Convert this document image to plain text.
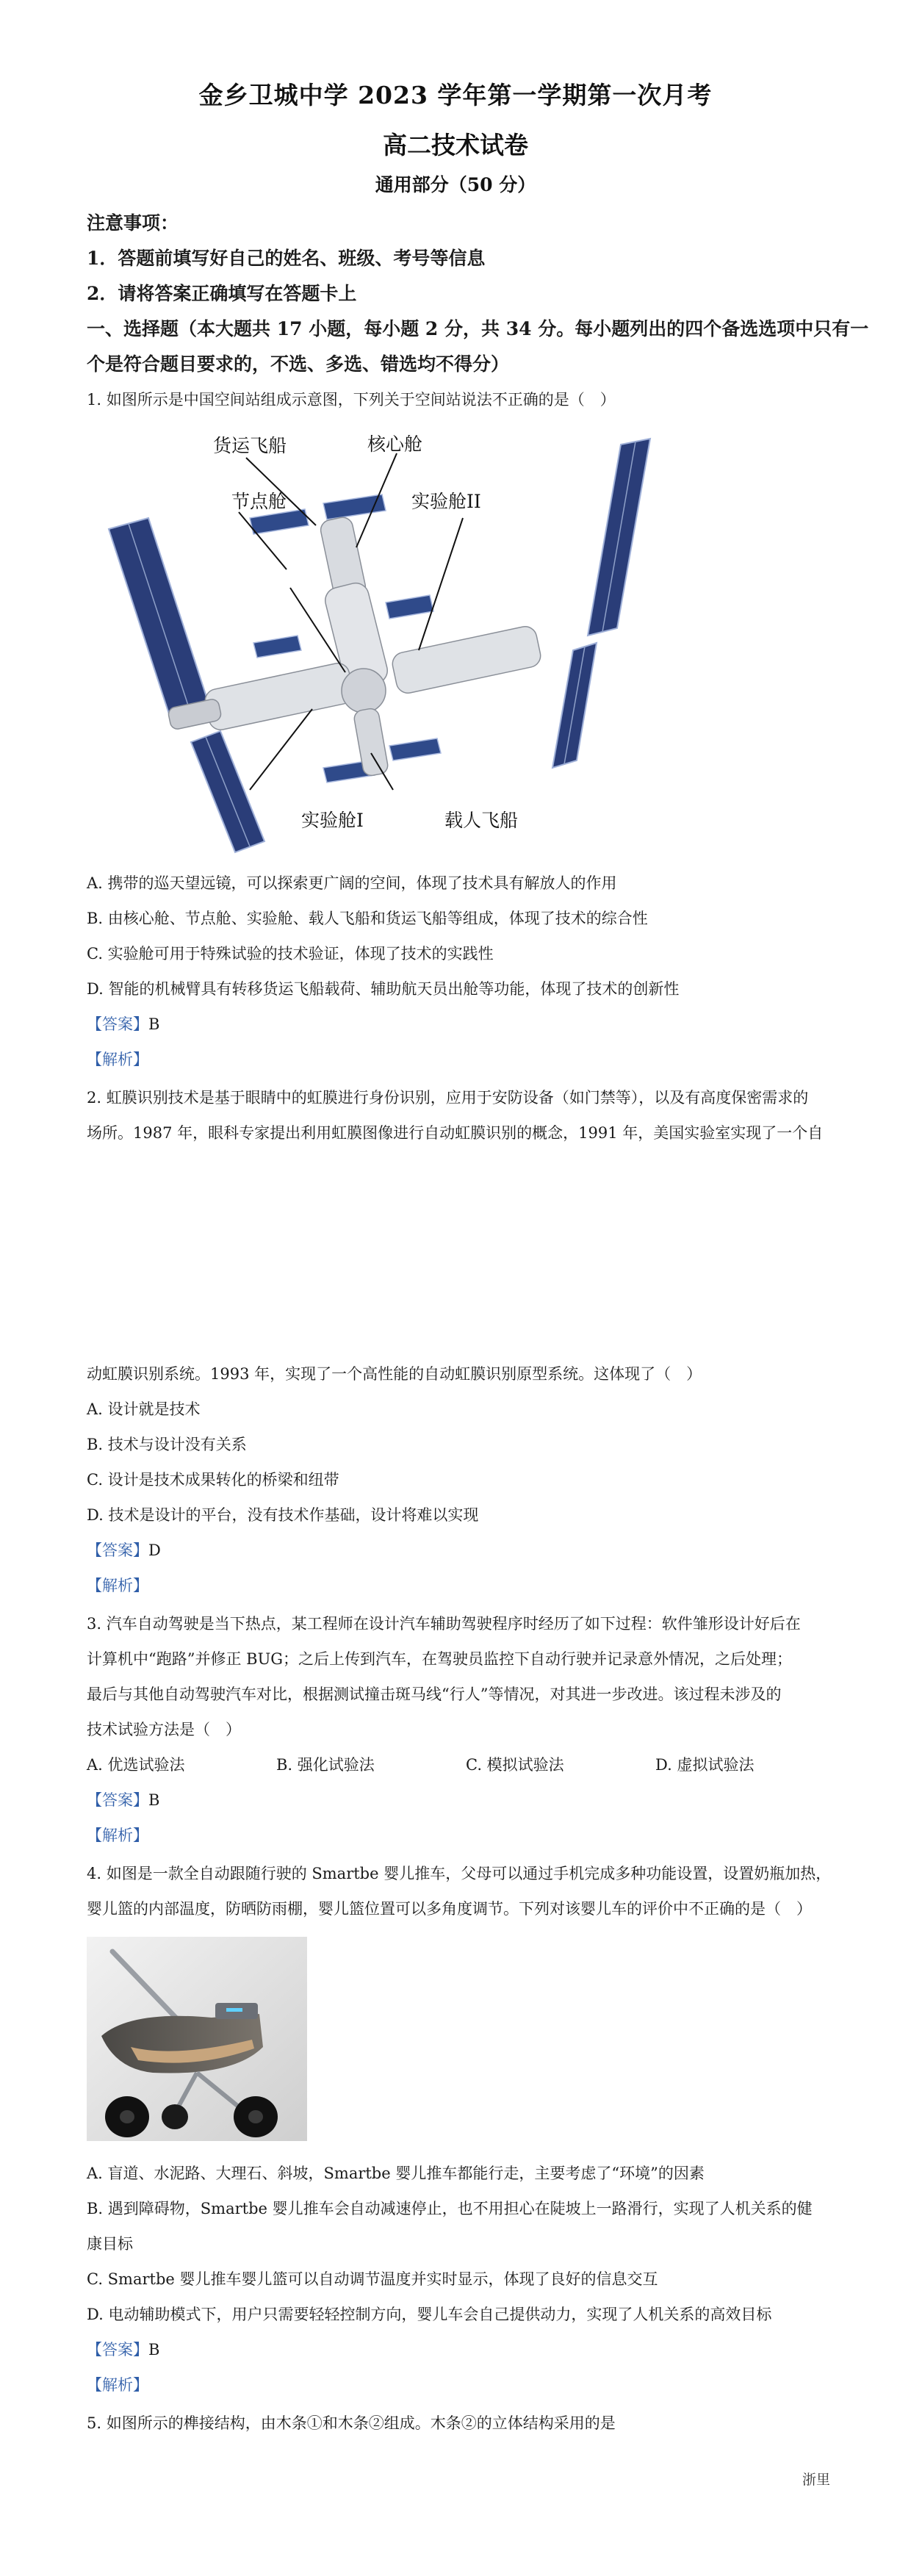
金乡卫城中学 2023 学年第一学期第一次月考
高二技术试卷
通用部分（50 分）
注意事项：
1．答题前填写好自己的姓名、班级、考号等信息
2．请将答案正确填写在答题卡上
一、选择题（本大题共 17 小题，每小题 2 分，共 34 分。每小题列出的四个备选选项中只有一
个是符合题目要求的，不选、多选、错选均不得分）
1. 如图所示是中国空间站组成示意图，下列关于空间站说法不正确的是（　）
货运飞船	核心舱
节点舱	实验舱II
实验舱I	载人飞船
A. 携带的巡天望远镜，可以探索更广阔的空间，体现了技术具有解放人的作用
B. 由核心舱、节点舱、实验舱、载人飞船和货运飞船等组成，体现了技术的综合性
C. 实验舱可用于特殊试验的技术验证，体现了技术的实践性
D. 智能的机械臂具有转移货运飞船载荷、辅助航天员出舱等功能，体现了技术的创新性
【答案】B
【解析】
2. 虹膜识别技术是基于眼睛中的虹膜进行身份识别，应用于安防设备（如门禁等），以及有高度保密需求的
场所。1987 年，眼科专家提出利用虹膜图像进行自动虹膜识别的概念，1991 年，美国实验室实现了一个自
动虹膜识别系统。1993 年，实现了一个高性能的自动虹膜识别原型系统。这体现了（　）
A. 设计就是技术
B. 技术与设计没有关系
C. 设计是技术成果转化的桥梁和纽带
D. 技术是设计的平台，没有技术作基础，设计将难以实现
【答案】D
【解析】
3. 汽车自动驾驶是当下热点，某工程师在设计汽车辅助驾驶程序时经历了如下过程：软件雏形设计好后在
计算机中“跑路”并修正 BUG；之后上传到汽车，在驾驶员监控下自动行驶并记录意外情况，之后处理；
最后与其他自动驾驶汽车对比，根据测试撞击斑马线“行人”等情况，对其进一步改进。该过程未涉及的
技术试验方法是（　）
A. 优选试验法	B. 强化试验法	C. 模拟试验法	D. 虚拟试验法
【答案】B
【解析】
4. 如图是一款全自动跟随行驶的 Smartbe 婴儿推车，父母可以通过手机完成多种功能设置，设置奶瓶加热，
婴儿篮的内部温度，防晒防雨棚，婴儿篮位置可以多角度调节。下列对该婴儿车的评价中不正确的是（　）
A. 盲道、水泥路、大理石、斜坡，Smartbe 婴儿推车都能行走，主要考虑了“环境”的因素
B. 遇到障碍物，Smartbe 婴儿推车会自动减速停止，也不用担心在陡坡上一路滑行，实现了人机关系的健
康目标
C. Smartbe 婴儿推车婴儿篮可以自动调节温度并实时显示，体现了良好的信息交互
D. 电动辅助模式下，用户只需要轻轻控制方向，婴儿车会自己提供动力，实现了人机关系的高效目标
【答案】B
【解析】
5. 如图所示的榫接结构，由木条①和木条②组成。木条②的立体结构采用的是
浙里
